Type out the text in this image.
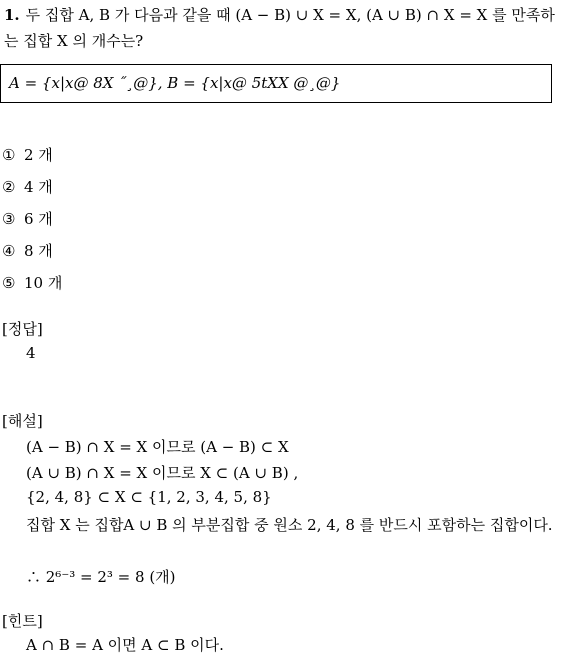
1. 두 집합 A, B 가 다음과 같을 때 (A − B) ∪ X = X, (A ∪ B) ∩ X = X 를 만족하는 집합 X 의 개수는?
A = {x|x@ 8X ˝¸@}, B = {x|x@ 5tXX @¸@}
① 2 개
② 4 개
③ 6 개
④ 8 개
⑤ 10 개
[정답]
4
[해설]
(A − B) ∩ X = X 이므로 (A − B) ⊂ X
(A ∪ B) ∩ X = X 이므로 X ⊂ (A ∪ B) ,
{2, 4, 8} ⊂ X ⊂ {1, 2, 3, 4, 5, 8}
집합 X 는 집합A ∪ B 의 부분집합 중 원소 2, 4, 8 를 반드시 포함하는 집합이다.
∴ 2⁶⁻³ = 2³ = 8 (개)
[힌트]
A ∩ B = A 이면 A ⊂ B 이다.
